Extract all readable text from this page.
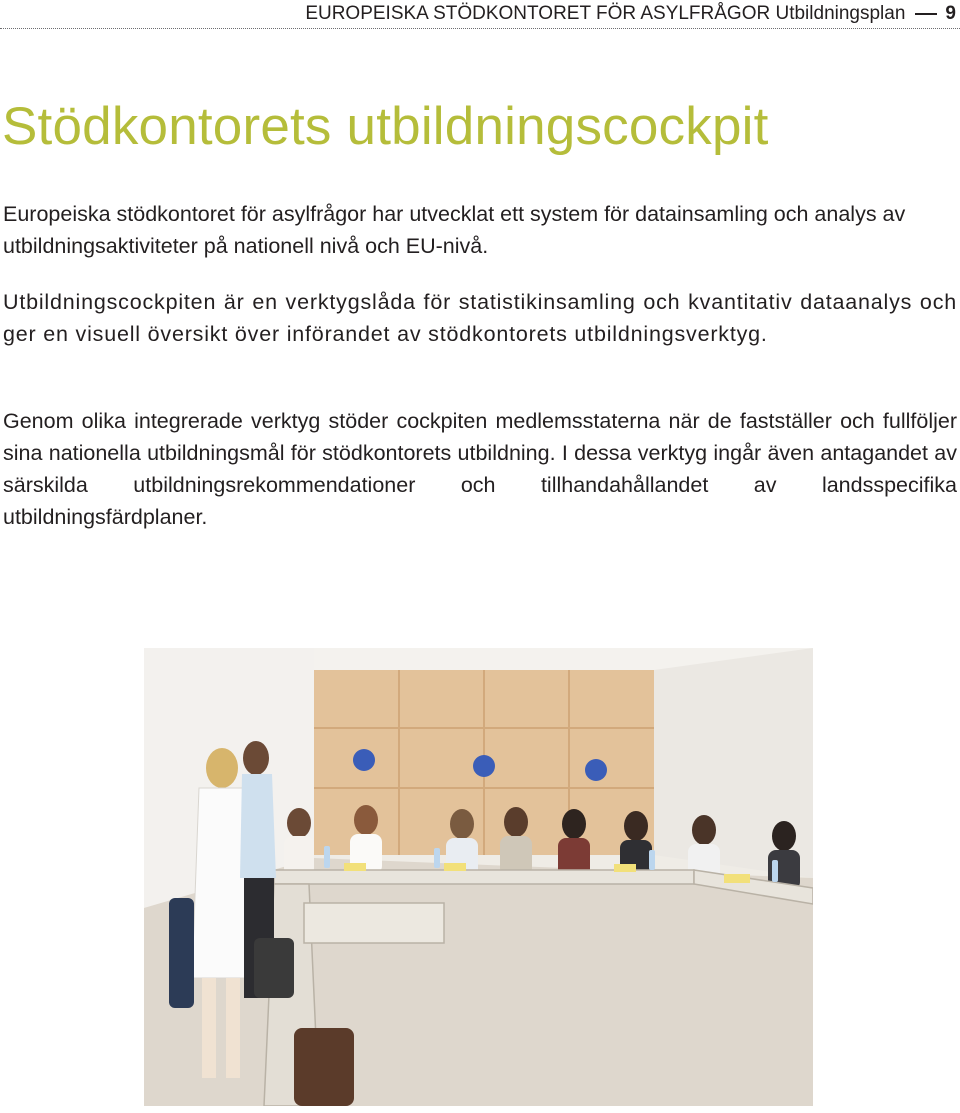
EUROPEISKA STÖDKONTORET FÖR ASYLFRÅGOR Utbildningsplan 9
Stödkontorets utbildningscockpit

Europeiska stödkontoret för asylfrågor har utvecklat ett system för datainsamling och analys av utbildningsaktiviteter på nationell nivå och EU-nivå.

Utbildningscockpiten är en verktygslåda för statistikinsamling och kvantitativ dataanalys och ger en visuell översikt över införandet av stödkontorets utbildningsverktyg.

Genom olika integrerade verktyg stöder cockpiten medlemsstaterna när de fastställer och fullföljer sina nationella utbildningsmål för stödkontorets utbildning. I dessa verktyg ingår även antagandet av särskilda utbildningsrekommendationer och tillhandahållandet av landsspecifika utbildningsfärdplaner.
